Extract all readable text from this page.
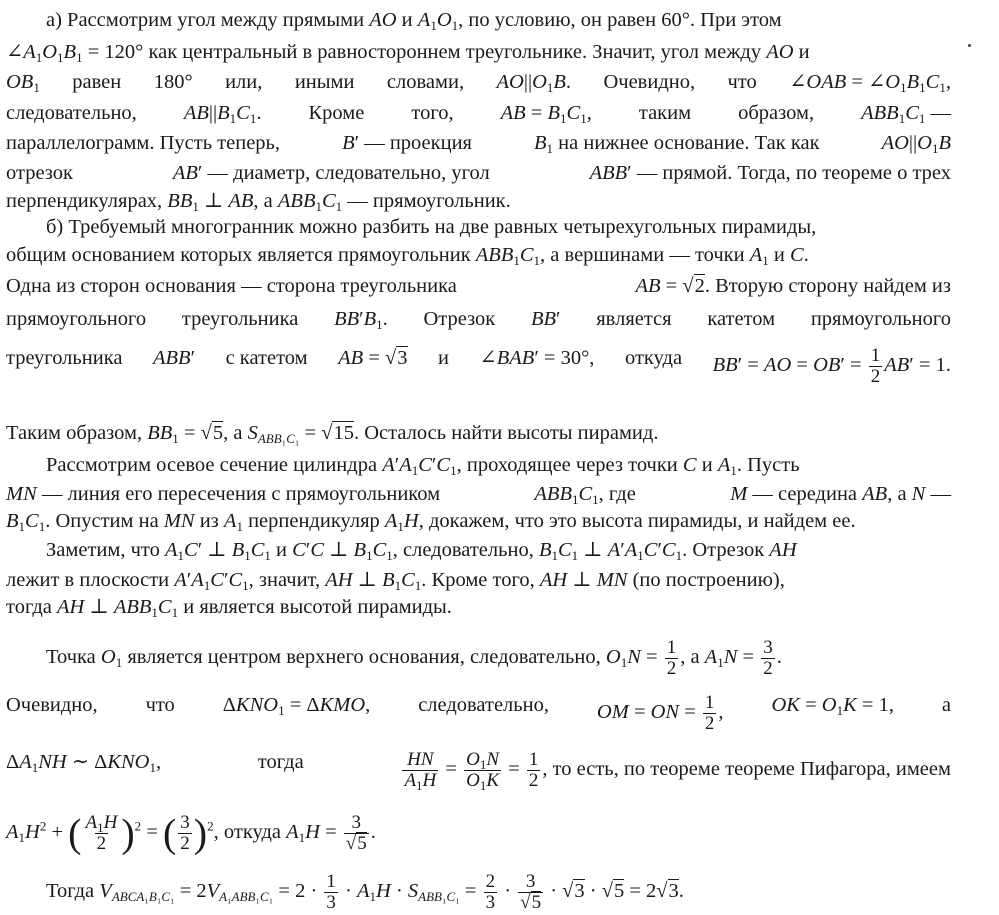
а) Рассмотрим угол между прямыми AO и $A_1O_1$, по условию, он равен 60°. При этом
$\angle A_1O_1B_1 = 120^\circ$ как центральный в равностороннем треугольнике. Значит, угол между AO и
$OB_1$ равен 180° или, иными словами, $AO||O_1B$. Очевидно, что ∠OAB = $\angle O_1B_1C_1$,
следовательно, $AB||B_1C_1$. Кроме того, AB = $B_1C_1$, таким образом, $ABB_1C_1$ —
параллелограмм. Пусть теперь,	B′ — проекция	$B_1$ на нижнее основание. Так как	$AO||O_1B$
отрезок	AB′ — диаметр, следовательно, угол	ABB′ — прямой. Тогда, по теореме о трех
перпендикулярах, $BB_1$ ⊥ AB, а $ABB_1C_1$ — прямоугольник.
б) Требуемый многогранник можно разбить на две равных четырехугольных пирамиды,
общим основанием которых является прямоугольник $ABB_1C_1$, а вершинами — точки $A_1$ и C.
Одна из сторон основания — сторона треугольника	AB = √2. Вторую сторону найдем из
прямоугольного треугольника $BB'B_1$. Отрезок BB′ является катетом прямоугольного
треугольника ABB′ с катетом AB = √3 и ∠BAB′ = 30°, откуда BB′ = AO = $OB' = \frac{1}{2} AB' = 1$.
Таким образом, $BB_1 = √5$, а $S_{ABB_1C_1} = √15$. Осталось найти высоты пирамид.
Рассмотрим осевое сечение цилиндра $A'A_1C'C_1$, проходящее через точки C и $A_1$. Пусть
MN — линия его пересечения с прямоугольником	$ABB_1C_1$, где	M — середина AB, а N —
$B_1C_1$. Опустим на MN из $A_1$ перпендикуляр $A_1H$, докажем, что это высота пирамиды, и найдем ее.
Заметим, что $A_1C'$ ⊥ $B_1C_1$ и C′C ⊥ $B_1C_1$, следовательно, $B_1C_1$ ⊥ $A'A_1C'C_1$. Отрезок AH
лежит в плоскости $A'A_1C'C_1$, значит, AH ⊥ $B_1C_1$. Кроме того, AH ⊥ MN (по построению),
тогда AH ⊥ $ABB_1C_1$ и является высотой пирамиды.
Точка $O_1$ является центром верхнего основания, следовательно, $O_1N = \frac{1}{2}$ , а $A_1N = \frac{3}{2}$ .
Очевидно, что $\Delta KNO_1 = \Delta KMO$, следовательно, OM = ON = $\frac{1}{2}$ , OK = $O_1K = 1$, а
$\Delta A_1NH$ ∼ $\Delta KNO_1$,	тогда	$\frac{HN}{A_1H} = \frac{O_1N}{O_1K} = \frac{1}{2}$ , то есть, по теореме теореме Пифагора, имеем
$A_1H^2$ + ( $\frac{A_1H}{2} )^2$ = ( $\frac{3}{2} )^2$, откуда $A_1H = \frac{3}{√5}$ .
Тогда $V_{ABCA_1B_1C_1} = 2V_{A_1ABB_1C_1} = 2 \cdot \frac{1}{3} \cdot A_1H \cdot S_{ABB_1C_1} = \frac{2}{3} \cdot \frac{3}{√5} \cdot √3 \cdot √5 = 2√3$.
